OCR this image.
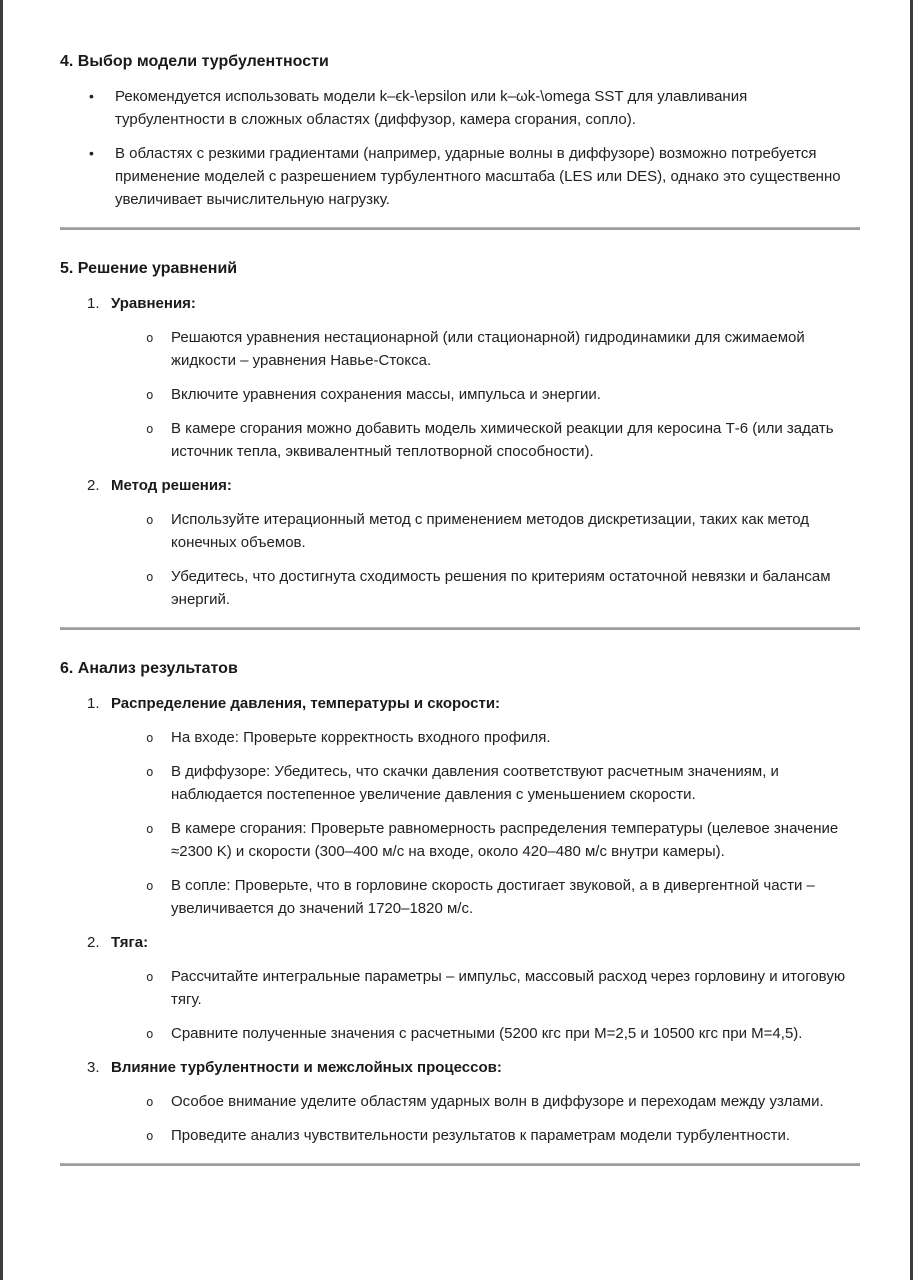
4. Выбор модели турбулентности
•	Рекомендуется использовать модели k–ϵk-\epsilon или k–ωk-\omega SST для улавливания
турбулентности в сложных областях (диффузор, камера сгорания, сопло).
•	В областях с резкими градиентами (например, ударные волны в диффузоре) возможно потребуется
применение моделей с разрешением турбулентного масштаба (LES или DES), однако это существенно
увеличивает вычислительную нагрузку.
5. Решение уравнений
1. Уравнения:
o	Решаются уравнения нестационарной (или стационарной) гидродинамики для сжимаемой
жидкости – уравнения Навье-Стокса.
o	Включите уравнения сохранения массы, импульса и энергии.
o	В камере сгорания можно добавить модель химической реакции для керосина Т-6 (или задать
источник тепла, эквивалентный теплотворной способности).
2. Метод решения:
o	Используйте итерационный метод с применением методов дискретизации, таких как метод
конечных объемов.
o	Убедитесь, что достигнута сходимость решения по критериям остаточной невязки и балансам
энергий.
6. Анализ результатов
1. Распределение давления, температуры и скорости:
o	На входе: Проверьте корректность входного профиля.
o	В диффузоре: Убедитесь, что скачки давления соответствуют расчетным значениям, и
наблюдается постепенное увеличение давления с уменьшением скорости.
o	В камере сгорания: Проверьте равномерность распределения температуры (целевое значение
≈2300 K) и скорости (300–400 м/с на входе, около 420–480 м/с внутри камеры).
o	В сопле: Проверьте, что в горловине скорость достигает звуковой, а в дивергентной части –
увеличивается до значений 1720–1820 м/с.
2. Тяга:
o	Рассчитайте интегральные параметры – импульс, массовый расход через горловину и итоговую
тягу.
o	Сравните полученные значения с расчетными (5200 кгс при М=2,5 и 10500 кгс при М=4,5).
3. Влияние турбулентности и межслойных процессов:
o	Особое внимание уделите областям ударных волн в диффузоре и переходам между узлами.
o	Проведите анализ чувствительности результатов к параметрам модели турбулентности.
